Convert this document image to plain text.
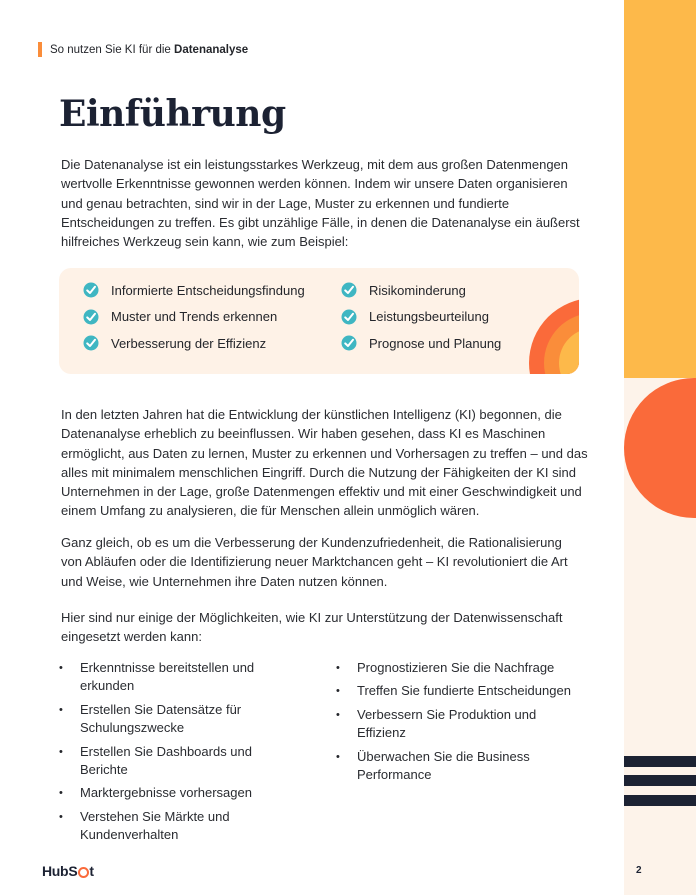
So nutzen Sie KI für die
Datenanalyse
Einführung

Die Datenanalyse ist ein leistungsstarkes Werkzeug, mit dem aus großen Datenmengen wertvolle Erkenntnisse gewonnen werden können. Indem wir unsere Daten organisieren und genau betrachten, sind wir in der Lage, Muster zu erkennen und fundierte Entscheidungen zu treffen. Es gibt unzählige Fälle, in denen die Datenanalyse ein äußerst hilfreiches Werkzeug sein kann, wie zum Beispiel:

Informierte Entscheidungsfindung	Risikominderung
Muster und Trends erkennen	Leistungsbeurteilung
Verbesserung der Effizienz	Prognose und Planung

In den letzten Jahren hat die Entwicklung der künstlichen Intelligenz (KI) begonnen, die Datenanalyse erheblich zu beeinflussen. Wir haben gesehen, dass KI es Maschinen ermöglicht, aus Daten zu lernen, Muster zu erkennen und Vorhersagen zu treffen – und das alles mit minimalem menschlichen Eingriff. Durch die Nutzung der Fähigkeiten der KI sind Unternehmen in der Lage, große Datenmengen effektiv und mit einer Geschwindigkeit und einem Umfang zu analysieren, die für Menschen allein unmöglich wären.

Ganz gleich, ob es um die Verbesserung der Kundenzufriedenheit, die Rationalisierung von Abläufen oder die Identifizierung neuer Marktchancen geht – KI revolutioniert die Art und Weise, wie Unternehmen ihre Daten nutzen können.

Hier sind nur einige der Möglichkeiten, wie KI zur Unterstützung der Datenwissenschaft eingesetzt werden kann:

• Erkenntnisse bereitstellen und erkunden
• Erstellen Sie Datensätze für Schulungszwecke
• Erstellen Sie Dashboards und Berichte
• Marktergebnisse vorhersagen
• Verstehen Sie Märkte und Kundenverhalten
• Prognostizieren Sie die Nachfrage
• Treffen Sie fundierte Entscheidungen
• Verbessern Sie Produktion und Effizienz
• Überwachen Sie die Business Performance
HubS t	2
